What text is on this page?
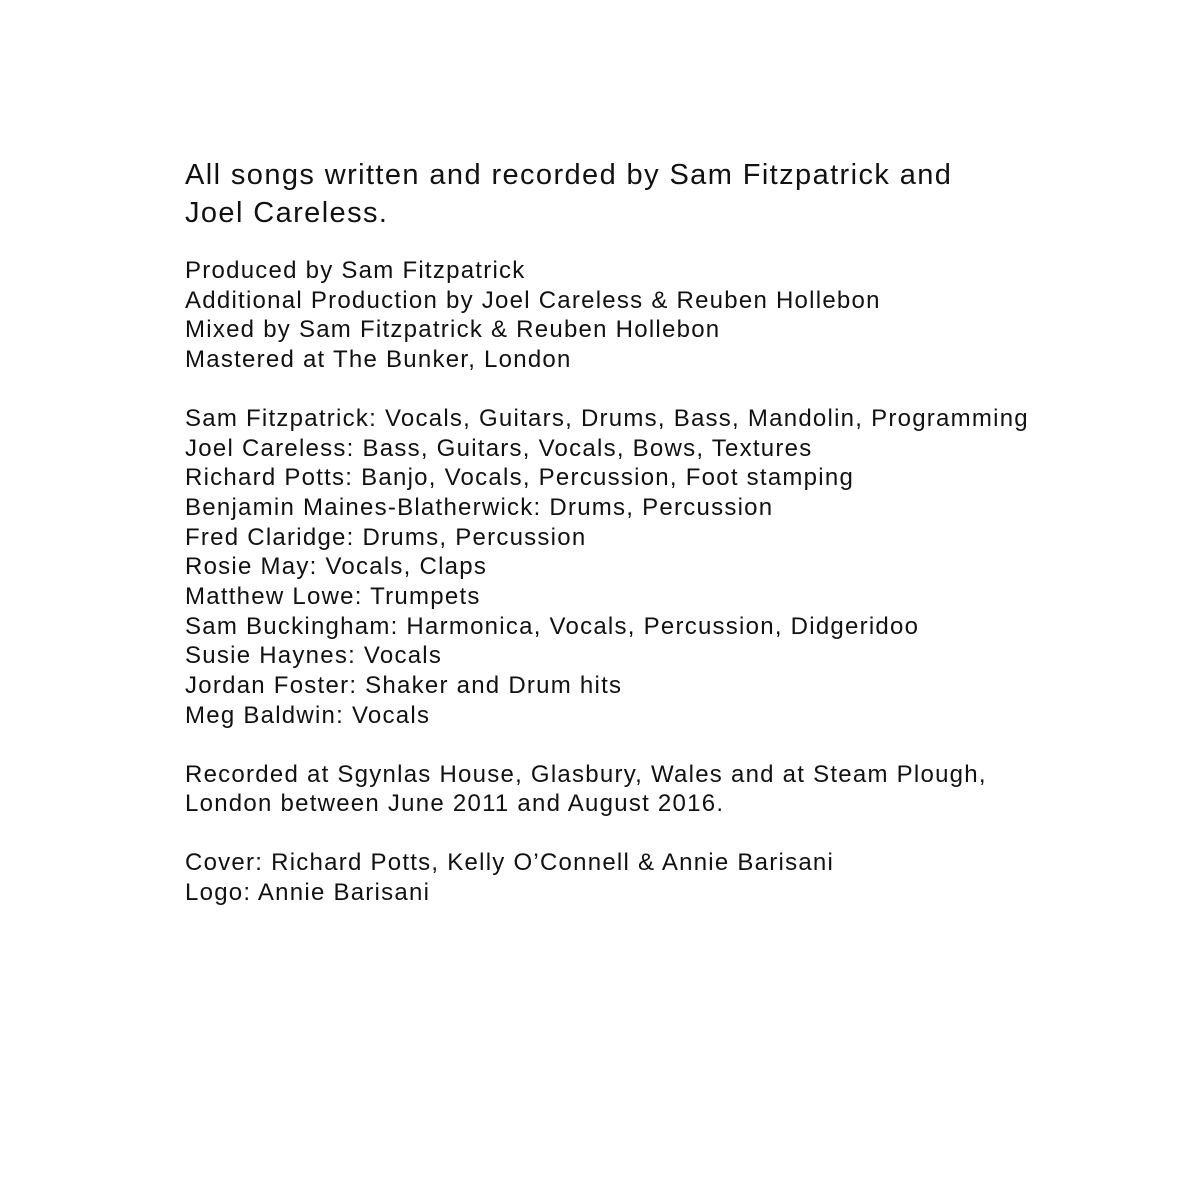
All songs written and recorded by Sam Fitzpatrick and
Joel Careless.

Produced by Sam Fitzpatrick
Additional Production by Joel Careless & Reuben Hollebon
Mixed by Sam Fitzpatrick & Reuben Hollebon
Mastered at The Bunker, London

Sam Fitzpatrick: Vocals, Guitars, Drums, Bass, Mandolin, Programming
Joel Careless: Bass, Guitars, Vocals, Bows, Textures
Richard Potts: Banjo, Vocals, Percussion, Foot stamping
Benjamin Maines-Blatherwick: Drums, Percussion
Fred Claridge: Drums, Percussion
Rosie May: Vocals, Claps
Matthew Lowe: Trumpets
Sam Buckingham: Harmonica, Vocals, Percussion, Didgeridoo
Susie Haynes: Vocals
Jordan Foster: Shaker and Drum hits
Meg Baldwin: Vocals

Recorded at Sgynlas House, Glasbury, Wales and at Steam Plough,
London between June 2011 and August 2016.

Cover: Richard Potts, Kelly O’Connell & Annie Barisani
Logo: Annie Barisani
